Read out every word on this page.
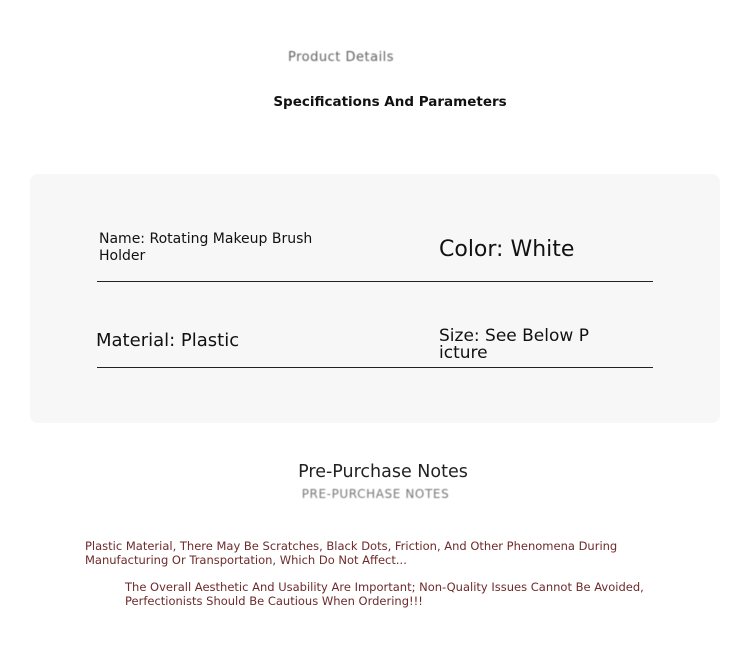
Product Details
Specifications And Parameters
Name: Rotating Makeup Brush Holder	Color: White
Material: Plastic	Size: See Below Picture
Pre-Purchase Notes
PRE-PURCHASE NOTES
Plastic Material, There May Be Scratches, Black Dots, Friction, And Other Phenomena During Manufacturing Or Transportation, Which Do Not Affect...
The Overall Aesthetic And Usability Are Important; Non-Quality Issues Cannot Be Avoided, Perfectionists Should Be Cautious When Ordering!!!
